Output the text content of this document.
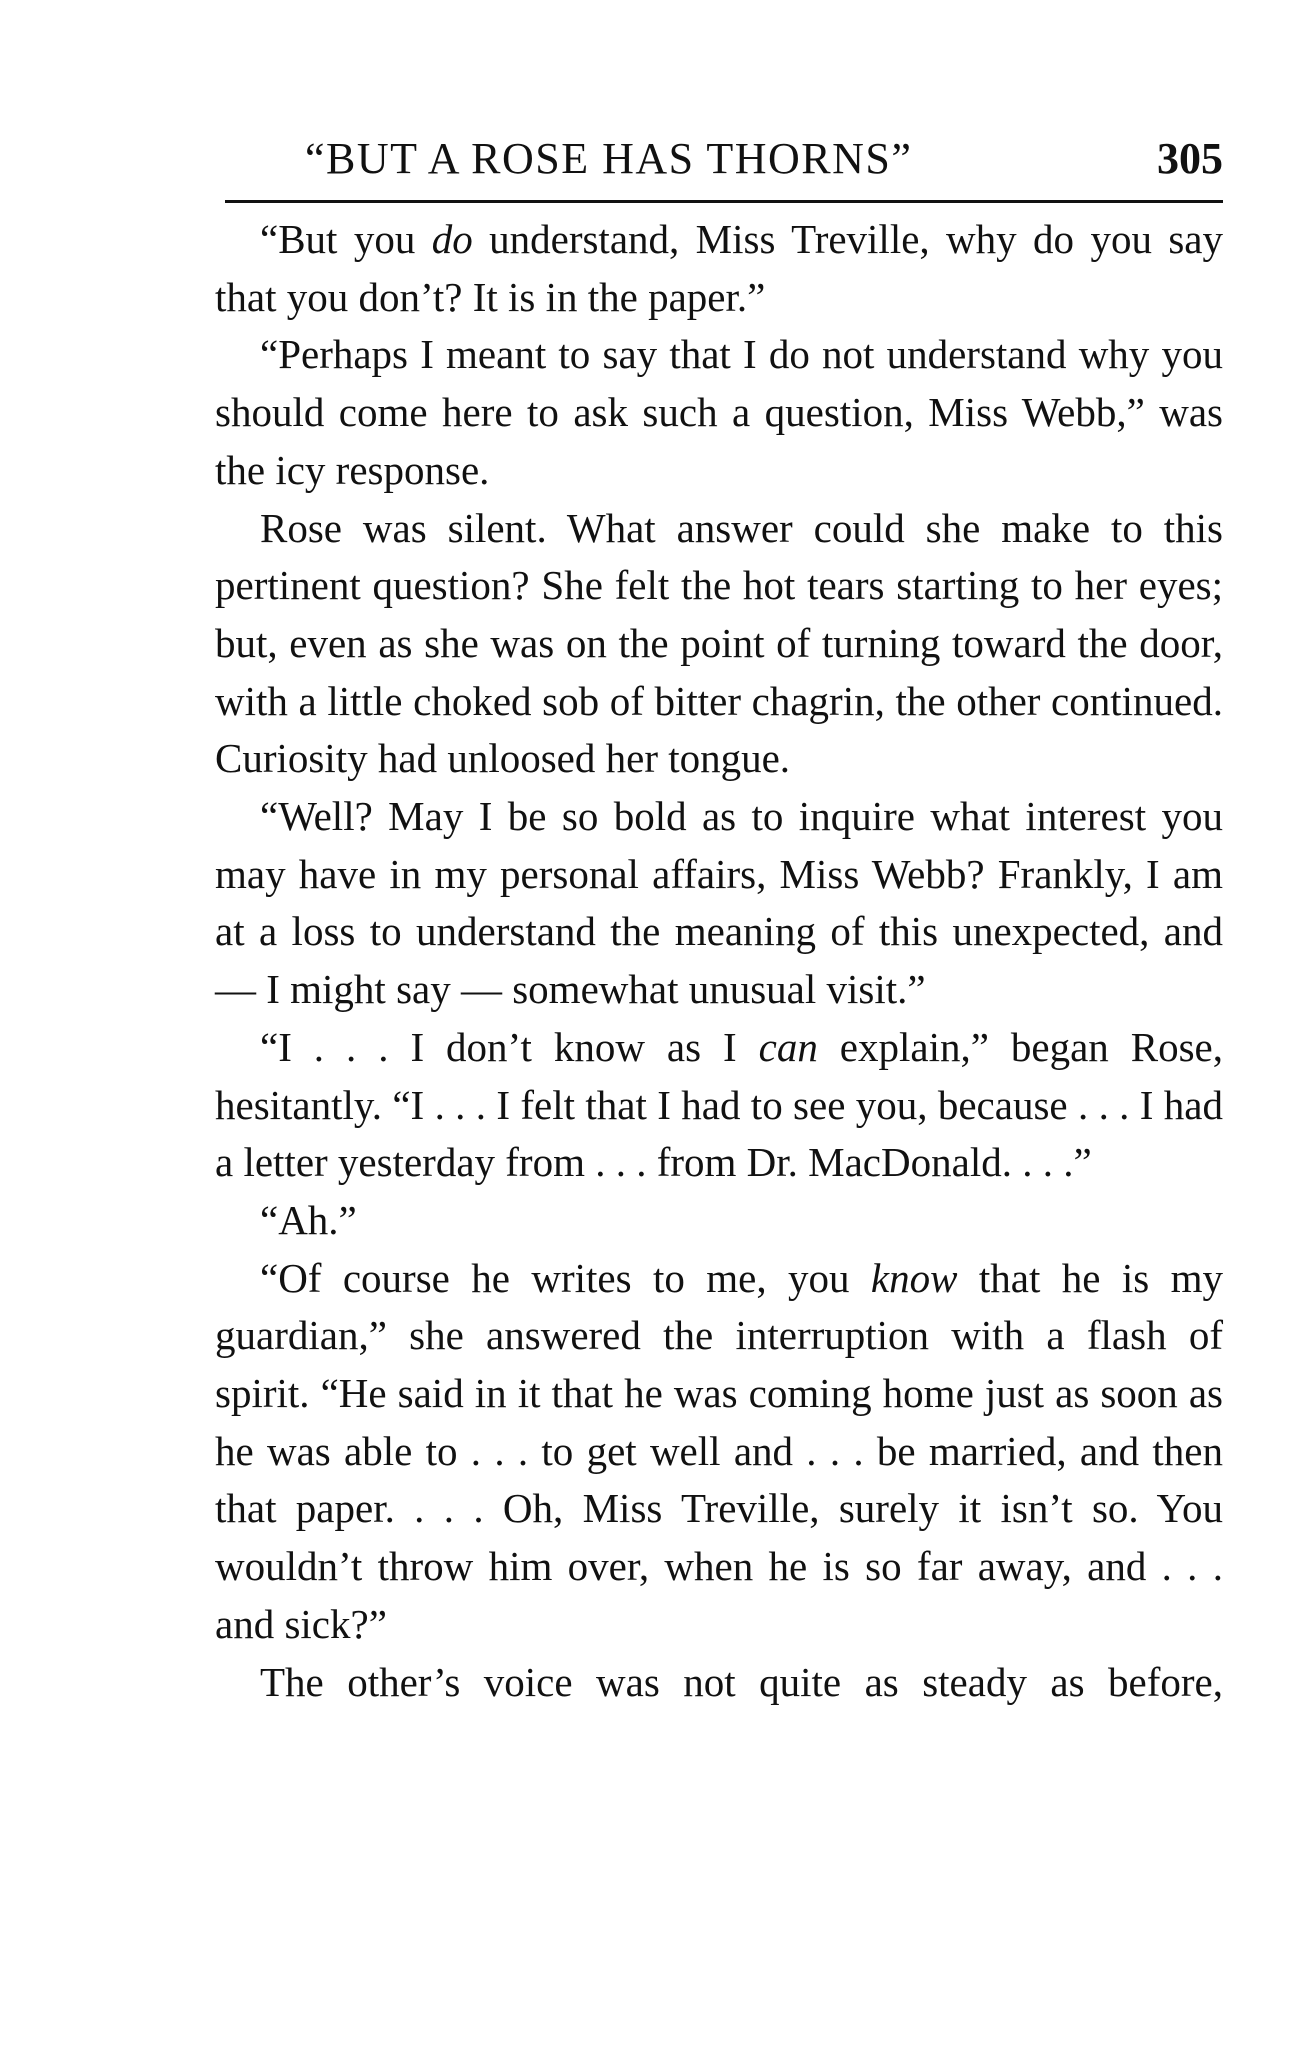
“BUT A ROSE HAS THORNS”	305

“But you do understand, Miss Treville, why do you say that you don’t? It is in the paper.”

“Perhaps I meant to say that I do not understand why you should come here to ask such a question, Miss Webb,” was the icy response.

Rose was silent. What answer could she make to this pertinent question? She felt the hot tears starting to her eyes; but, even as she was on the point of turning toward the door, with a little choked sob of bitter chagrin, the other continued. Curiosity had unloosed her tongue.

“Well? May I be so bold as to inquire what interest you may have in my personal affairs, Miss Webb? Frankly, I am at a loss to understand the meaning of this unexpected, and — I might say — somewhat unusual visit.”

“I . . . I don’t know as I can explain,” began Rose, hesitantly. “I . . . I felt that I had to see you, because . . . I had a letter yesterday from . . . from Dr. MacDonald. . . .”

“Ah.”

“Of course he writes to me, you know that he is my guardian,” she answered the interruption with a flash of spirit. “He said in it that he was coming home just as soon as he was able to . . . to get well and . . . be married, and then that paper. . . . Oh, Miss Treville, surely it isn’t so. You wouldn’t throw him over, when he is so far away, and . . . and sick?”

The other’s voice was not quite as steady as before,
